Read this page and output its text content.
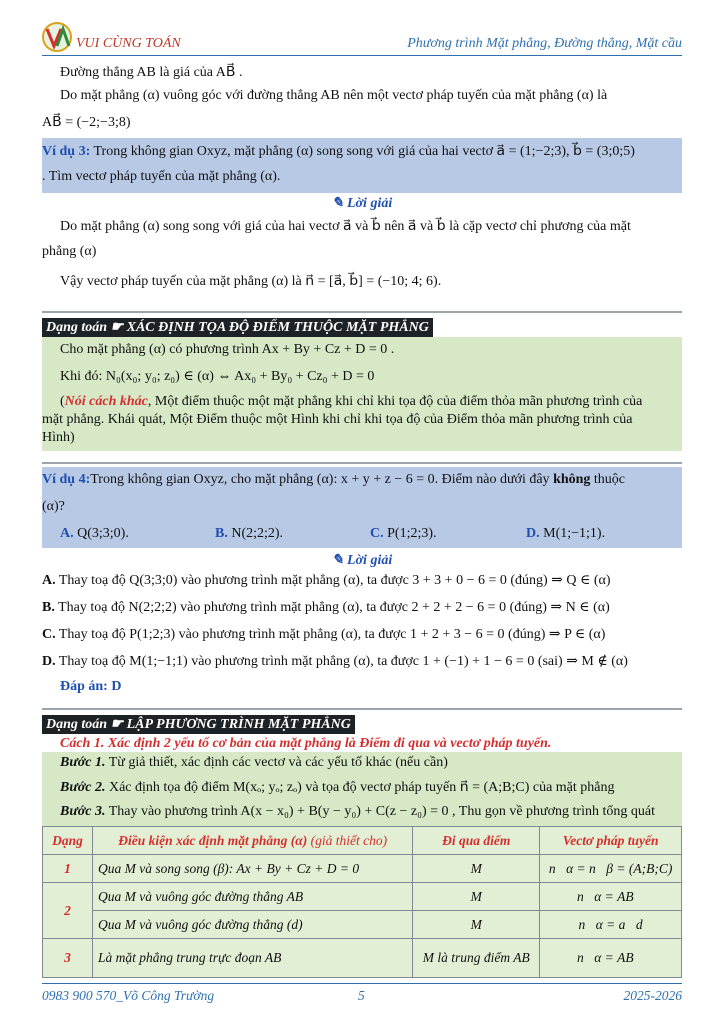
VUI CÙNG TOÁN	Phương trình Mặt phẳng, Đường thẳng, Mặt cầu
Đường thẳng AB là giá của AB⃗ .
Do mặt phẳng (α) vuông góc với đường thẳng AB nên một vectơ pháp tuyến của mặt phẳng (α) là
AB⃗ = (−2;−3;8)
Ví dụ 3: Trong không gian Oxyz, mặt phẳng (α) song song với giá của hai vectơ a⃗ = (1;−2;3), b⃗ = (3;0;5)
. Tìm vectơ pháp tuyến của mặt phẳng (α).
✎ Lời giải
Do mặt phẳng (α) song song với giá của hai vectơ a⃗ và b⃗ nên a⃗ và b⃗ là cặp vectơ chỉ phương của mặt
phẳng (α)
Vậy vectơ pháp tuyến của mặt phẳng (α) là n⃗ = [a⃗, b⃗] = (−10; 4; 6).
Dạng toán ☛ XÁC ĐỊNH TỌA ĐỘ ĐIỂM THUỘC MẶT PHẲNG
Cho mặt phẳng (α) có phương trình Ax + By + Cz + D = 0 .
Khi đó: N₀(x₀; y₀; z₀) ∈ (α) ⇔ Ax₀ + By₀ + Cz₀ + D = 0
(Nói cách khác, Một điểm thuộc một mặt phẳng khi chỉ khi tọa độ của điểm thỏa mãn phương trình của
mặt phẳng. Khái quát, Một Điểm thuộc một Hình khi chỉ khi tọa độ của Điểm thỏa mãn phương trình của
Hình)
Ví dụ 4:Trong không gian Oxyz, cho mặt phẳng (α): x + y + z − 6 = 0. Điểm nào dưới đây không thuộc
(α)?
A. Q(3;3;0).	B. N(2;2;2).	C. P(1;2;3).	D. M(1;−1;1).
✎ Lời giải
A. Thay toạ độ Q(3;3;0) vào phương trình mặt phẳng (α), ta được 3 + 3 + 0 − 6 = 0 (đúng) ⇒ Q ∈ (α)
B. Thay toạ độ N(2;2;2) vào phương trình mặt phẳng (α), ta được 2 + 2 + 2 − 6 = 0 (đúng) ⇒ N ∈ (α)
C. Thay toạ độ P(1;2;3) vào phương trình mặt phẳng (α), ta được 1 + 2 + 3 − 6 = 0 (đúng) ⇒ P ∈ (α)
D. Thay toạ độ M(1;−1;1) vào phương trình mặt phẳng (α), ta được 1 + (−1) + 1 − 6 = 0 (sai) ⇒ M ∉ (α)
Đáp án: D
Dạng toán ☛ LẬP PHƯƠNG TRÌNH MẶT PHẲNG
Cách 1. Xác định 2 yếu tố cơ bản của mặt phẳng là Điểm đi qua và vectơ pháp tuyến.
Bước 1. Từ giả thiết, xác định các vectơ và các yếu tố khác (nếu cần)
Bước 2. Xác định tọa độ điểm M(xₒ; yₒ; zₒ) và tọa độ vectơ pháp tuyến n⃗ = (A;B;C) của mặt phẳng
Bước 3. Thay vào phương trình A(x − x₀) + B(y − y₀) + C(z − z₀) = 0 , Thu gọn về phương trình tổng quát
Dạng	Điều kiện xác định mặt phẳng (α) (giả thiết cho)	Đi qua điểm	Vectơ pháp tuyến
1	Qua M và song song (β): Ax + By + Cz + D = 0	M	n⃗α = n⃗β = (A;B;C)
2	Qua M và vuông góc đường thẳng AB	M	n⃗α = AB⃗
	Qua M và vuông góc đường thẳng (d)	M	n⃗α = a⃗d
3	Là mặt phẳng trung trực đoạn AB	M là trung điểm AB	n⃗α = AB⃗
0983 900 570_Võ Công Trường	5	2025-2026
